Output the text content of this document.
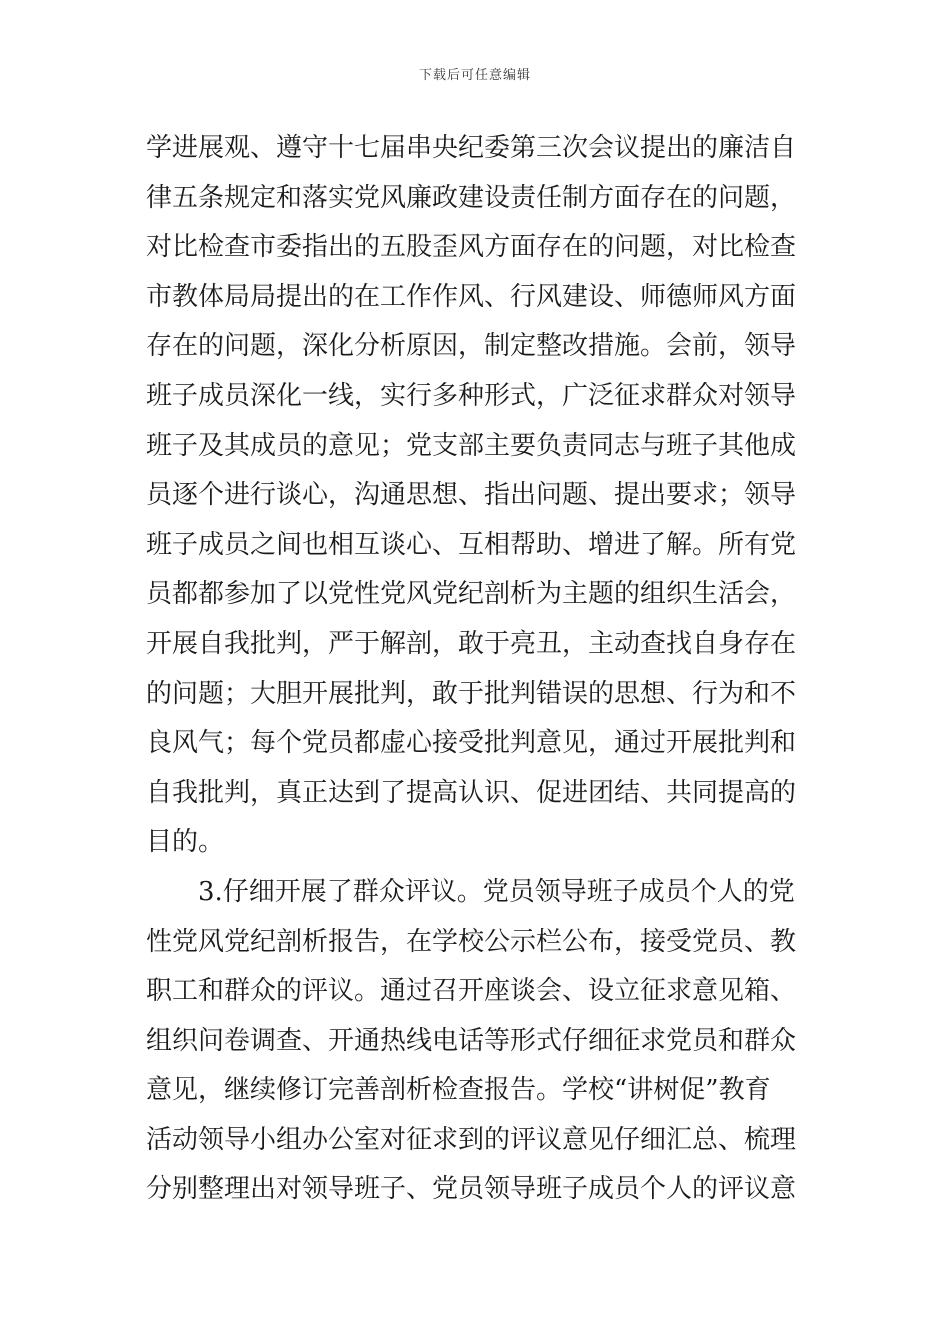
下载后可任意编辑
学进展观、遵守十七届串央纪委第三次会议提出的廉洁自
律五条规定和落实党风廉政建设责任制方面存在的问题，
对比检查市委指出的五股歪风方面存在的问题，对比检查
市教体局局提出的在工作作风、行风建设、师德师风方面
存在的问题，深化分析原因，制定整改措施。会前，领导
班子成员深化一线，实行多种形式，广泛征求群众对领导
班子及其成员的意见；党支部主要负责同志与班子其他成
员逐个进行谈心，沟通思想、指出问题、提出要求；领导
班子成员之间也相互谈心、互相帮助、增进了解。所有党
员都都参加了以党性党风党纪剖析为主题的组织生活会，
开展自我批判，严于解剖，敢于亮丑，主动查找自身存在
的问题；大胆开展批判，敢于批判错误的思想、行为和不
良风气；每个党员都虚心接受批判意见，通过开展批判和
自我批判，真正达到了提高认识、促进团结、共同提高的
目的。
3.仔细开展了群众评议。党员领导班子成员个人的党
性党风党纪剖析报告，在学校公示栏公布，接受党员、教
职工和群众的评议。通过召开座谈会、设立征求意见箱、
组织问卷调查、开通热线电话等形式仔细征求党员和群众
意见，继续修订完善剖析检查报告。学校“讲树促”教育
活动领导小组办公室对征求到的评议意见仔细汇总、梳理
分别整理出对领导班子、党员领导班子成员个人的评议意
